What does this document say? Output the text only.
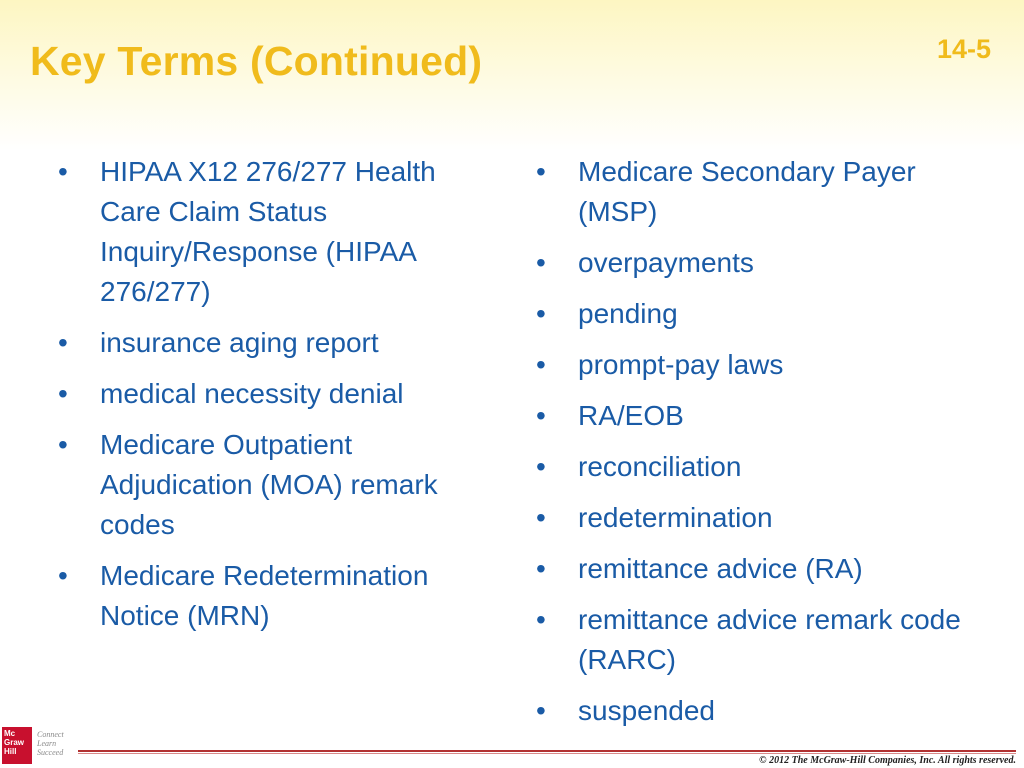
Key Terms (Continued)	14-5
•	HIPAA X12 276/277 Health Care Claim Status Inquiry/Response (HIPAA 276/277)
•	insurance aging report
•	medical necessity denial
•	Medicare Outpatient Adjudication (MOA) remark codes
•	Medicare Redetermination Notice (MRN)
•	Medicare Secondary Payer (MSP)
•	overpayments
•	pending
•	prompt-pay laws
•	RA/EOB
•	reconciliation
•	redetermination
•	remittance advice (RA)
•	remittance advice remark code (RARC)
•	suspended
Mc
Graw
Hill
Connect
Learn
Succeed
© 2012 The McGraw-Hill Companies, Inc. All rights reserved.
